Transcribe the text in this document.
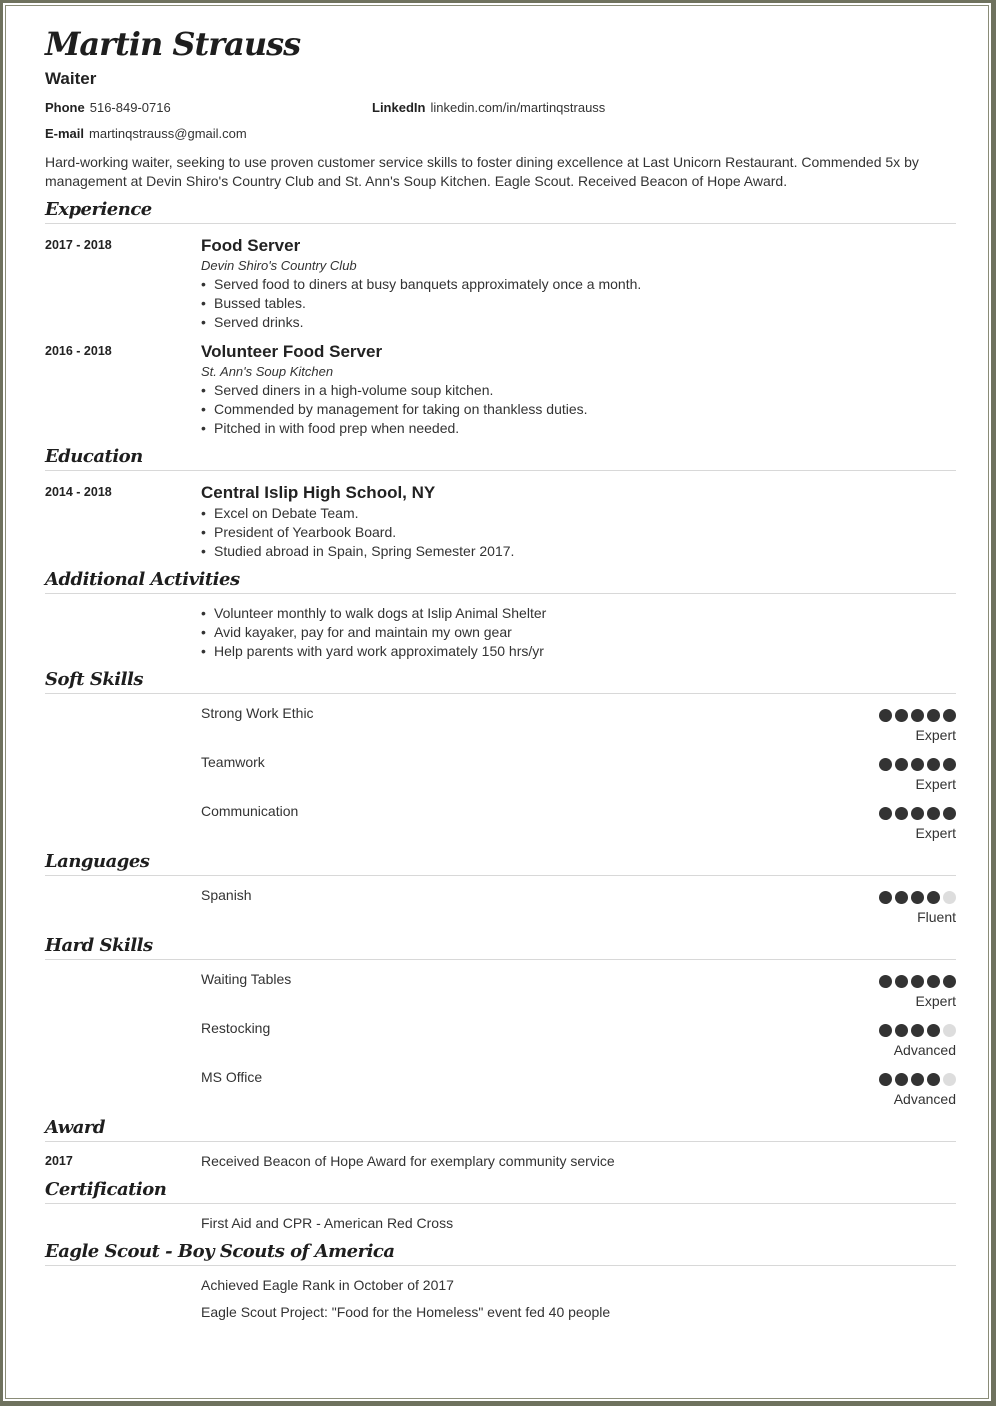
Martin Strauss
Waiter
Phone 516-849-0716	LinkedIn linkedin.com/in/martinqstrauss
E-mail martinqstrauss@gmail.com
Hard-working waiter, seeking to use proven customer service skills to foster dining excellence at Last Unicorn Restaurant. Commended 5x by management at Devin Shiro's Country Club and St. Ann's Soup Kitchen. Eagle Scout. Received Beacon of Hope Award.
Experience
2017 - 2018	Food Server
Devin Shiro's Country Club
• Served food to diners at busy banquets approximately once a month.
• Bussed tables.
• Served drinks.
2016 - 2018	Volunteer Food Server
St. Ann's Soup Kitchen
• Served diners in a high-volume soup kitchen.
• Commended by management for taking on thankless duties.
• Pitched in with food prep when needed.
Education
2014 - 2018	Central Islip High School, NY
• Excel on Debate Team.
• President of Yearbook Board.
• Studied abroad in Spain, Spring Semester 2017.
Additional Activities
• Volunteer monthly to walk dogs at Islip Animal Shelter
• Avid kayaker, pay for and maintain my own gear
• Help parents with yard work approximately 150 hrs/yr
Soft Skills
Strong Work Ethic
Expert
Teamwork
Expert
Communication
Expert
Languages
Spanish
Fluent
Hard Skills
Waiting Tables
Expert
Restocking
Advanced
MS Office
Advanced
Award
2017	Received Beacon of Hope Award for exemplary community service
Certification
First Aid and CPR - American Red Cross
Eagle Scout - Boy Scouts of America
Achieved Eagle Rank in October of 2017
Eagle Scout Project: "Food for the Homeless" event fed 40 people
